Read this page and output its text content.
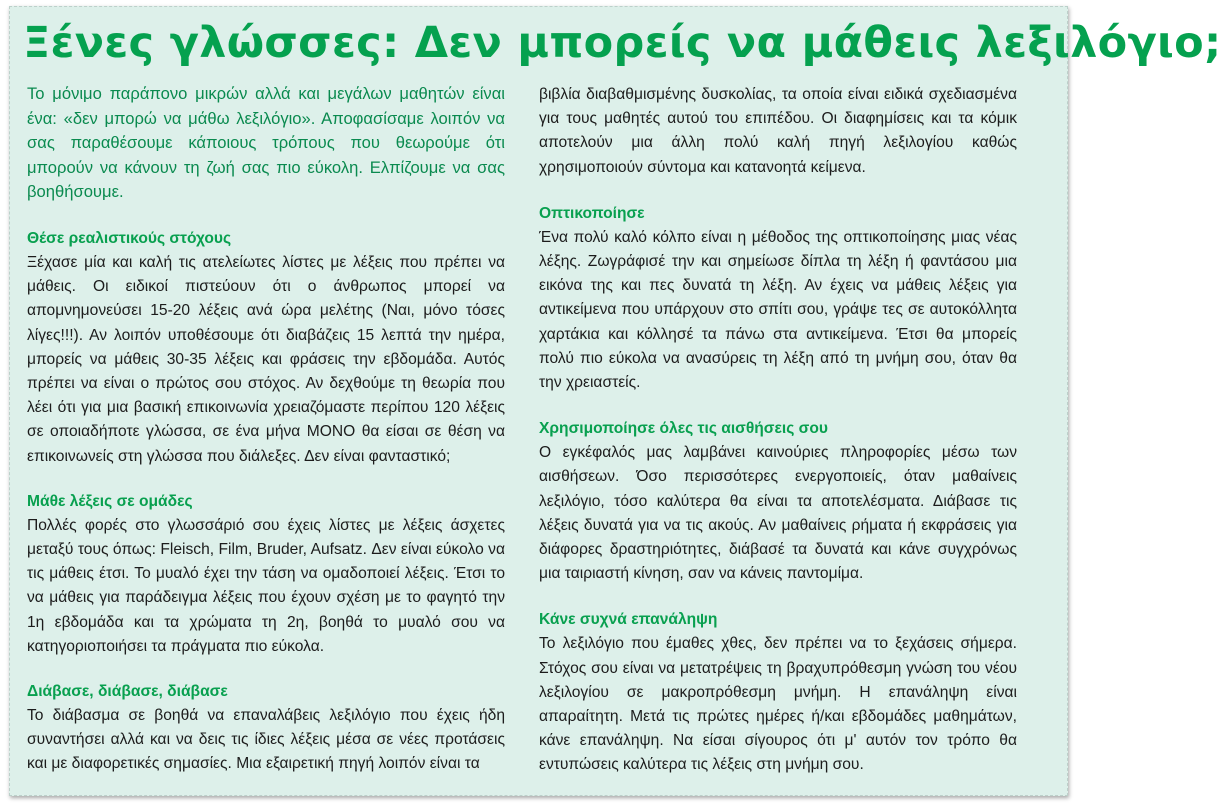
Ξένες γλώσσες: Δεν μπορείς να μάθεις λεξιλόγιο;

Το μόνιμο παράπονο μικρών αλλά και μεγάλων μαθητών είναι ένα: «δεν μπορώ να μάθω λεξιλόγιο». Αποφασίσαμε λοιπόν να σας παραθέσουμε κάποιους τρόπους που θεωρούμε ότι μπορούν να κάνουν τη ζωή σας πιο εύκολη. Ελπίζουμε να σας βοηθήσουμε.

Θέσε ρεαλιστικούς στόχους

Ξέχασε μία και καλή τις ατελείωτες λίστες με λέξεις που πρέπει να μάθεις. Οι ειδικοί πιστεύουν ότι ο άνθρωπος μπορεί να απομνημονεύσει 15-20 λέξεις ανά ώρα μελέτης (Ναι, μόνο τόσες λίγες!!!). Αν λοιπόν υποθέσουμε ότι διαβάζεις 15 λεπτά την ημέρα, μπορείς να μάθεις 30-35 λέξεις και φράσεις την εβδομάδα. Αυτός πρέπει να είναι ο πρώτος σου στόχος. Αν δεχθούμε τη θεωρία που λέει ότι για μια βασική επικοινωνία χρειαζόμαστε περίπου 120 λέξεις σε οποιαδήποτε γλώσσα, σε ένα μήνα ΜΟΝΟ θα είσαι σε θέση να επικοινωνείς στη γλώσσα που διάλεξες. Δεν είναι φανταστικό;

Μάθε λέξεις σε ομάδες

Πολλές φορές στο γλωσσάριό σου έχεις λίστες με λέξεις άσχετες μεταξύ τους όπως: Fleisch, Film, Bruder, Aufsatz. Δεν είναι εύκολο να τις μάθεις έτσι. Το μυαλό έχει την τάση να ομαδοποιεί λέξεις. Έτσι το να μάθεις για παράδειγμα λέξεις που έχουν σχέση με το φαγητό την 1η εβδομάδα και τα χρώματα τη 2η, βοηθά το μυαλό σου να κατηγοριοποιήσει τα πράγματα πιο εύκολα.

Διάβασε, διάβασε, διάβασε

Το διάβασμα σε βοηθά να επαναλάβεις λεξιλόγιο που έχεις ήδη συναντήσει αλλά και να δεις τις ίδιες λέξεις μέσα σε νέες προτάσεις και με διαφορετικές σημασίες. Μια εξαιρετική πηγή λοιπόν είναι τα

βιβλία διαβαθμισμένης δυσκολίας, τα οποία είναι ειδικά σχεδιασμένα για τους μαθητές αυτού του επιπέδου. Οι διαφημίσεις και τα κόμικ αποτελούν μια άλλη πολύ καλή πηγή λεξιλογίου καθώς χρησιμοποιούν σύντομα και κατανοητά κείμενα.

Οπτικοποίησε

Ένα πολύ καλό κόλπο είναι η μέθοδος της οπτικοποίησης μιας νέας λέξης. Ζωγράφισέ την και σημείωσε δίπλα τη λέξη ή φαντάσου μια εικόνα της και πες δυνατά τη λέξη. Αν έχεις να μάθεις λέξεις για αντικείμενα που υπάρχουν στο σπίτι σου, γράψε τες σε αυτοκόλλητα χαρτάκια και κόλλησέ τα πάνω στα αντικείμενα. Έτσι θα μπορείς πολύ πιο εύκολα να ανασύρεις τη λέξη από τη μνήμη σου, όταν θα την χρειαστείς.

Χρησιμοποίησε όλες τις αισθήσεις σου

Ο εγκέφαλός μας λαμβάνει καινούριες πληροφορίες μέσω των αισθήσεων. Όσο περισσότερες ενεργοποιείς, όταν μαθαίνεις λεξιλόγιο, τόσο καλύτερα θα είναι τα αποτελέσματα. Διάβασε τις λέξεις δυνατά για να τις ακούς. Αν μαθαίνεις ρήματα ή εκφράσεις για διάφορες δραστηριότητες, διάβασέ τα δυνατά και κάνε συγχρόνως μια ταιριαστή κίνηση, σαν να κάνεις παντομίμα.

Κάνε συχνά επανάληψη

Το λεξιλόγιο που έμαθες χθες, δεν πρέπει να το ξεχάσεις σήμερα. Στόχος σου είναι να μετατρέψεις τη βραχυπρόθεσμη γνώση του νέου λεξιλογίου σε μακροπρόθεσμη μνήμη. Η επανάληψη είναι απαραίτητη. Μετά τις πρώτες ημέρες ή/και εβδομάδες μαθημάτων, κάνε επανάληψη. Να είσαι σίγουρος ότι μ' αυτόν τον τρόπο θα εντυπώσεις καλύτερα τις λέξεις στη μνήμη σου.
